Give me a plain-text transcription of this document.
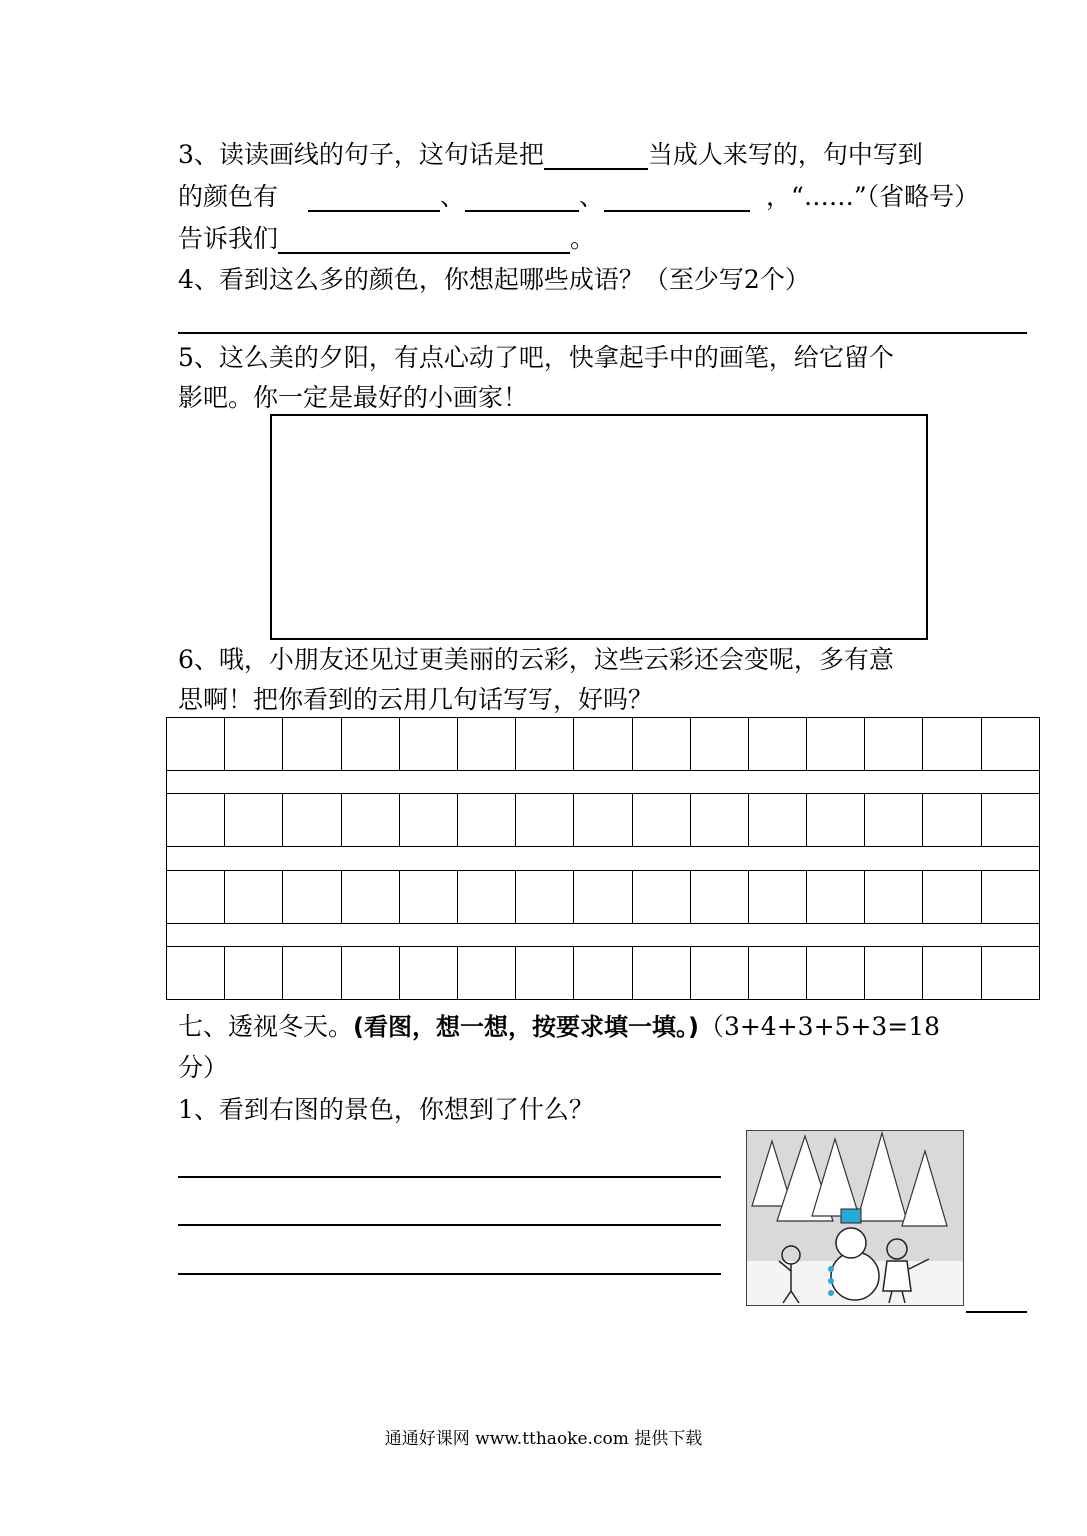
3、读读画线的句子，这句话是把	当成人来写的，句中写到
的颜色有	、	、	，“……”（省略号）
告诉我们	。
4、看到这么多的颜色，你想起哪些成语？（至少写2个）
5、这么美的夕阳，有点心动了吧，快拿起手中的画笔，给它留个
影吧。你一定是最好的小画家！
6、哦，小朋友还见过更美丽的云彩，这些云彩还会变呢，多有意
思啊！把你看到的云用几句话写写，好吗？

七、透视冬天。(看图，想一想，按要求填一填。)（3+4+3+5+3=18
分）
1、看到右图的景色，你想到了什么？
通通好课网 www.tthaoke.com 提供下载
